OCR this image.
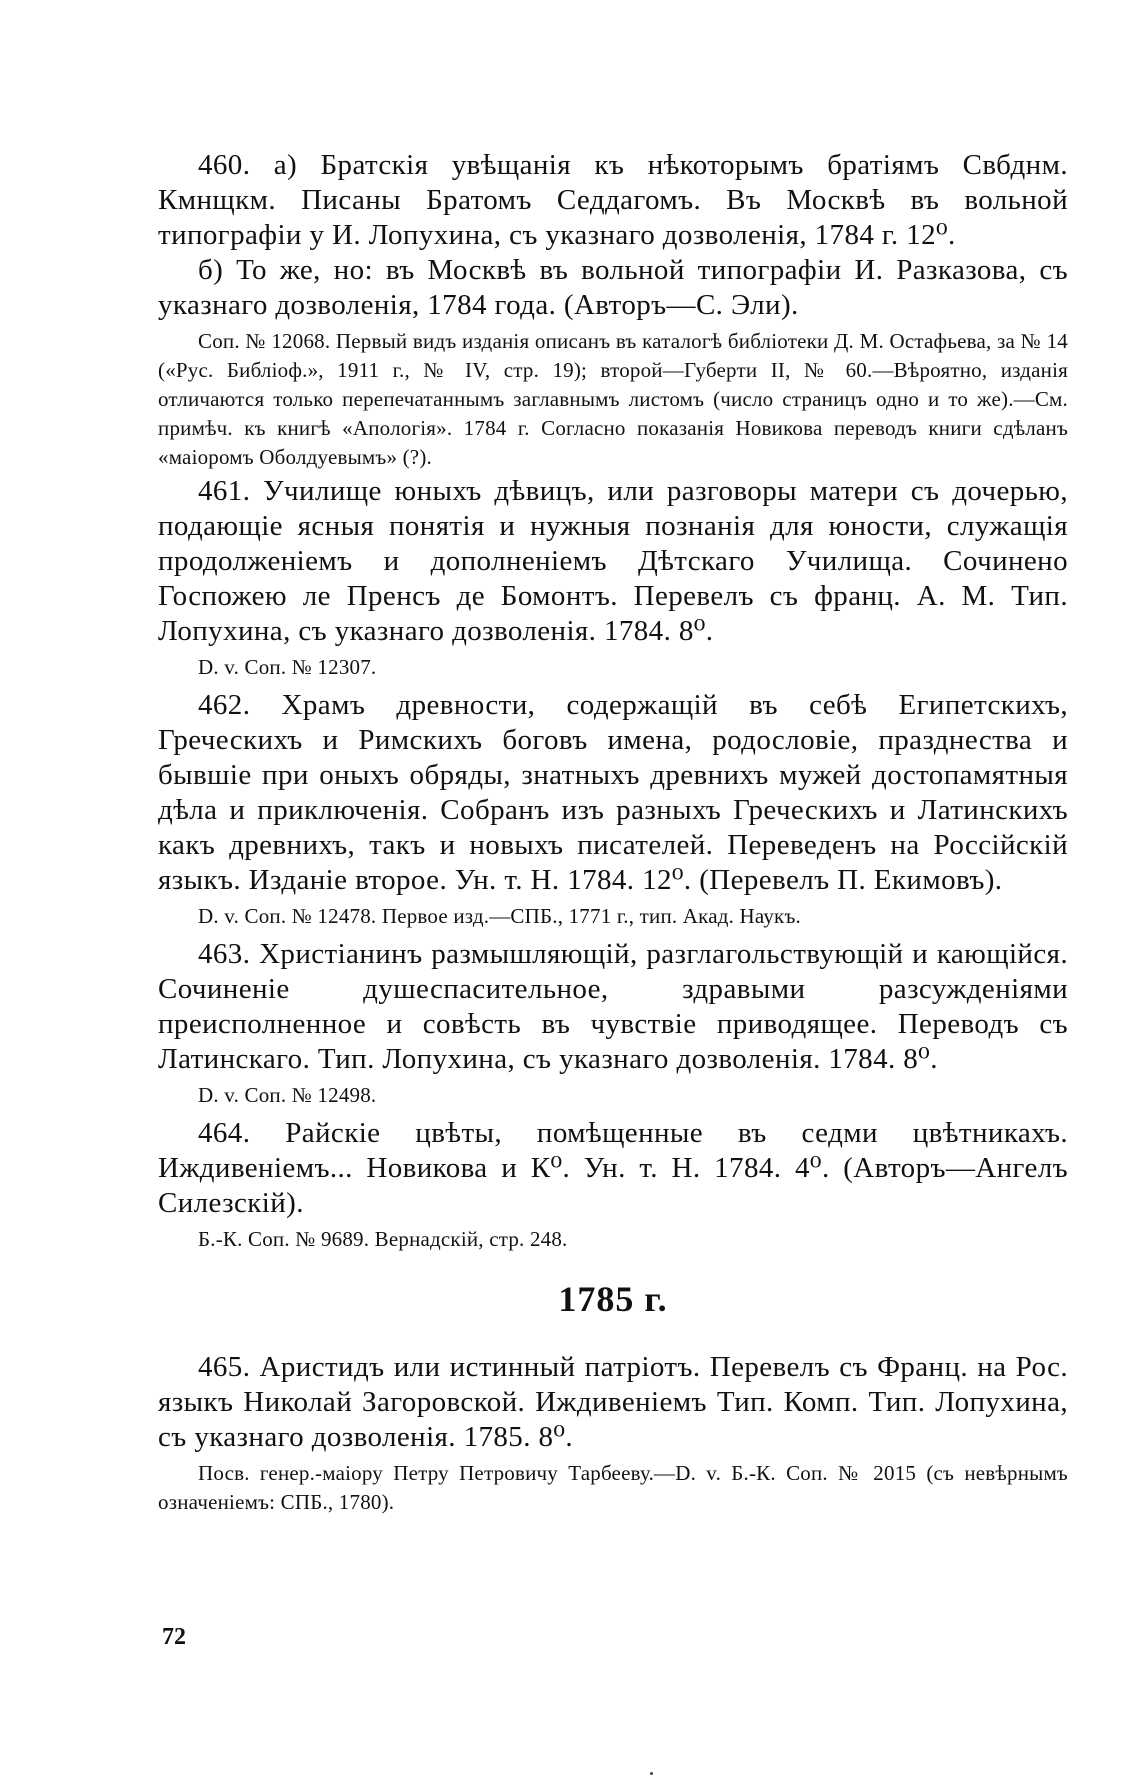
460. а) Братскія увѣщанія къ нѣкоторымъ братіямъ Свбднм. Кмнщкм. Писаны Братомъ Седдагомъ. Въ Москвѣ въ вольной типографіи у И. Лопухина, съ указнаго дозволенія, 1784 г. 12⁰.

б) То же, но: въ Москвѣ въ вольной типографіи И. Разказова, съ указнаго дозволенія, 1784 года. (Авторъ—С. Эли).

Соп. № 12068. Первый видъ изданія описанъ въ каталогѣ библіотеки Д. М. Остафьева, за № 14 («Рус. Библіоф.», 1911 г., № IV, стр. 19); второй—Губерти II, № 60.—Вѣроятно, изданія отличаются только перепечатаннымъ заглавнымъ листомъ (число страницъ одно и то же).—См. примѣч. къ книгѣ «Апологія». 1784 г. Согласно показанія Новикова переводъ книги сдѣланъ «маіоромъ Оболдуевымъ» (?).

461. Училище юныхъ дѣвицъ, или разговоры матери съ дочерью, подающіе ясныя понятія и нужныя познанія для юности, служащія продолженіемъ и дополненіемъ Дѣтскаго Училища. Сочинено Госпожею ле Пренсъ де Бомонтъ. Перевелъ съ франц. А. М. Тип. Лопухина, съ указнаго дозволенія. 1784. 8⁰.

D. v. Соп. № 12307.

462. Храмъ древности, содержащій въ себѣ Египетскихъ, Греческихъ и Римскихъ боговъ имена, родословіе, празднества и бывшіе при оныхъ обряды, знатныхъ древнихъ мужей достопамятныя дѣла и приключенія. Собранъ изъ разныхъ Греческихъ и Латинскихъ какъ древнихъ, такъ и новыхъ писателей. Переведенъ на Россійскій языкъ. Изданіе второе. Ун. т. Н. 1784. 12⁰. (Перевелъ П. Екимовъ).

D. v. Соп. № 12478. Первое изд.—СПБ., 1771 г., тип. Акад. Наукъ.

463. Христіанинъ размышляющій, разглагольствующій и кающійся. Сочиненіе душеспасительное, здравыми разсужденіями преисполненное и совѣсть въ чувствіе приводящее. Переводъ съ Латинскаго. Тип. Лопухина, съ указнаго дозволенія. 1784. 8⁰.

D. v. Соп. № 12498.

464. Райскіе цвѣты, помѣщенные въ седми цвѣтникахъ. Иждивеніемъ... Новикова и К⁰. Ун. т. Н. 1784. 4⁰. (Авторъ—Ангелъ Силезскій).

Б.-К. Соп. № 9689. Вернадскій, стр. 248.

1785 г.

465. Аристидъ или истинный патріотъ. Перевелъ съ Франц. на Рос. языкъ Николай Загоровской. Иждивеніемъ Тип. Комп. Тип. Лопухина, съ указнаго дозволенія. 1785. 8⁰.

Посв. генер.-маіору Петру Петровичу Тарбееву.—D. v. Б.-К. Соп. № 2015 (съ невѣрнымъ означеніемъ: СПБ., 1780).

72
